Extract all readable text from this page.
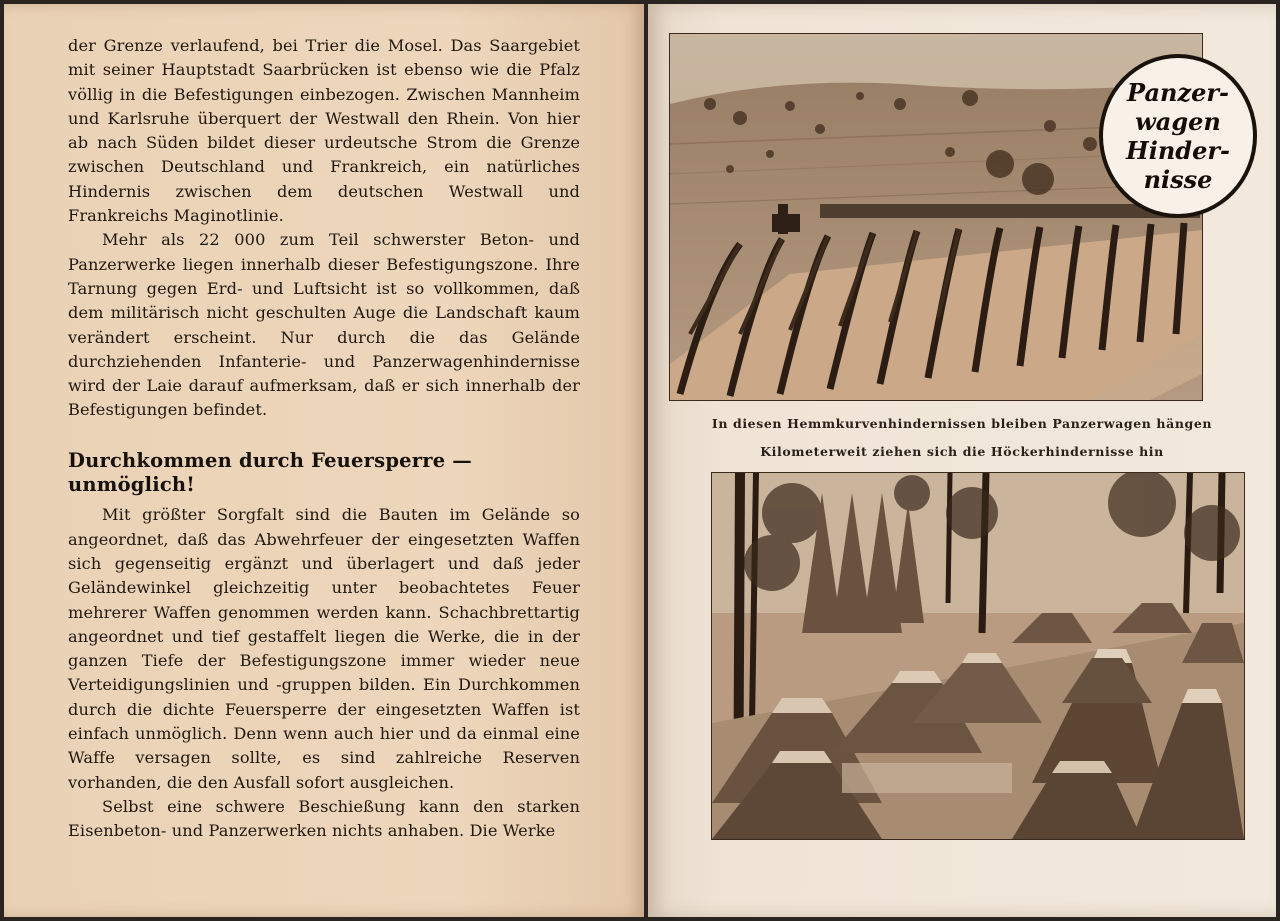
der Grenze verlaufend, bei Trier die Mosel. Das Saargebiet mit seiner Hauptstadt Saarbrücken ist ebenso wie die Pfalz völlig in die Befestigungen einbezogen. Zwischen Mannheim und Karlsruhe überquert der Westwall den Rhein. Von hier ab nach Süden bildet dieser urdeutsche Strom die Grenze zwischen Deutschland und Frankreich, ein natürliches Hindernis zwischen dem deutschen Westwall und Frankreichs Maginotlinie.

Mehr als 22 000 zum Teil schwerster Beton- und Panzerwerke liegen innerhalb dieser Befestigungszone. Ihre Tarnung gegen Erd- und Luftsicht ist so vollkommen, daß dem militärisch nicht geschulten Auge die Landschaft kaum verändert erscheint. Nur durch die das Gelände durchziehenden Infanterie- und Panzerwagenhindernisse wird der Laie darauf aufmerksam, daß er sich innerhalb der Befestigungen befindet.

Durchkommen durch Feuersperre — unmöglich!

Mit größter Sorgfalt sind die Bauten im Gelände so angeordnet, daß das Abwehrfeuer der eingesetzten Waffen sich gegenseitig ergänzt und überlagert und daß jeder Geländewinkel gleichzeitig unter beobachtetes Feuer mehrerer Waffen genommen werden kann. Schachbrettartig angeordnet und tief gestaffelt liegen die Werke, die in der ganzen Tiefe der Befestigungszone immer wieder neue Verteidigungslinien und -gruppen bilden. Ein Durchkommen durch die dichte Feuersperre der eingesetzten Waffen ist einfach unmöglich. Denn wenn auch hier und da einmal eine Waffe versagen sollte, es sind zahlreiche Reserven vorhanden, die den Ausfall sofort ausgleichen.

Selbst eine schwere Beschießung kann den starken Eisenbeton- und Panzerwerken nichts anhaben. Die Werke

Panzer-
wagen
Hinder-
nisse
In diesen Hemmkurvenhindernissen bleiben Panzerwagen hängen
Kilometerweit ziehen sich die Höckerhindernisse hin
